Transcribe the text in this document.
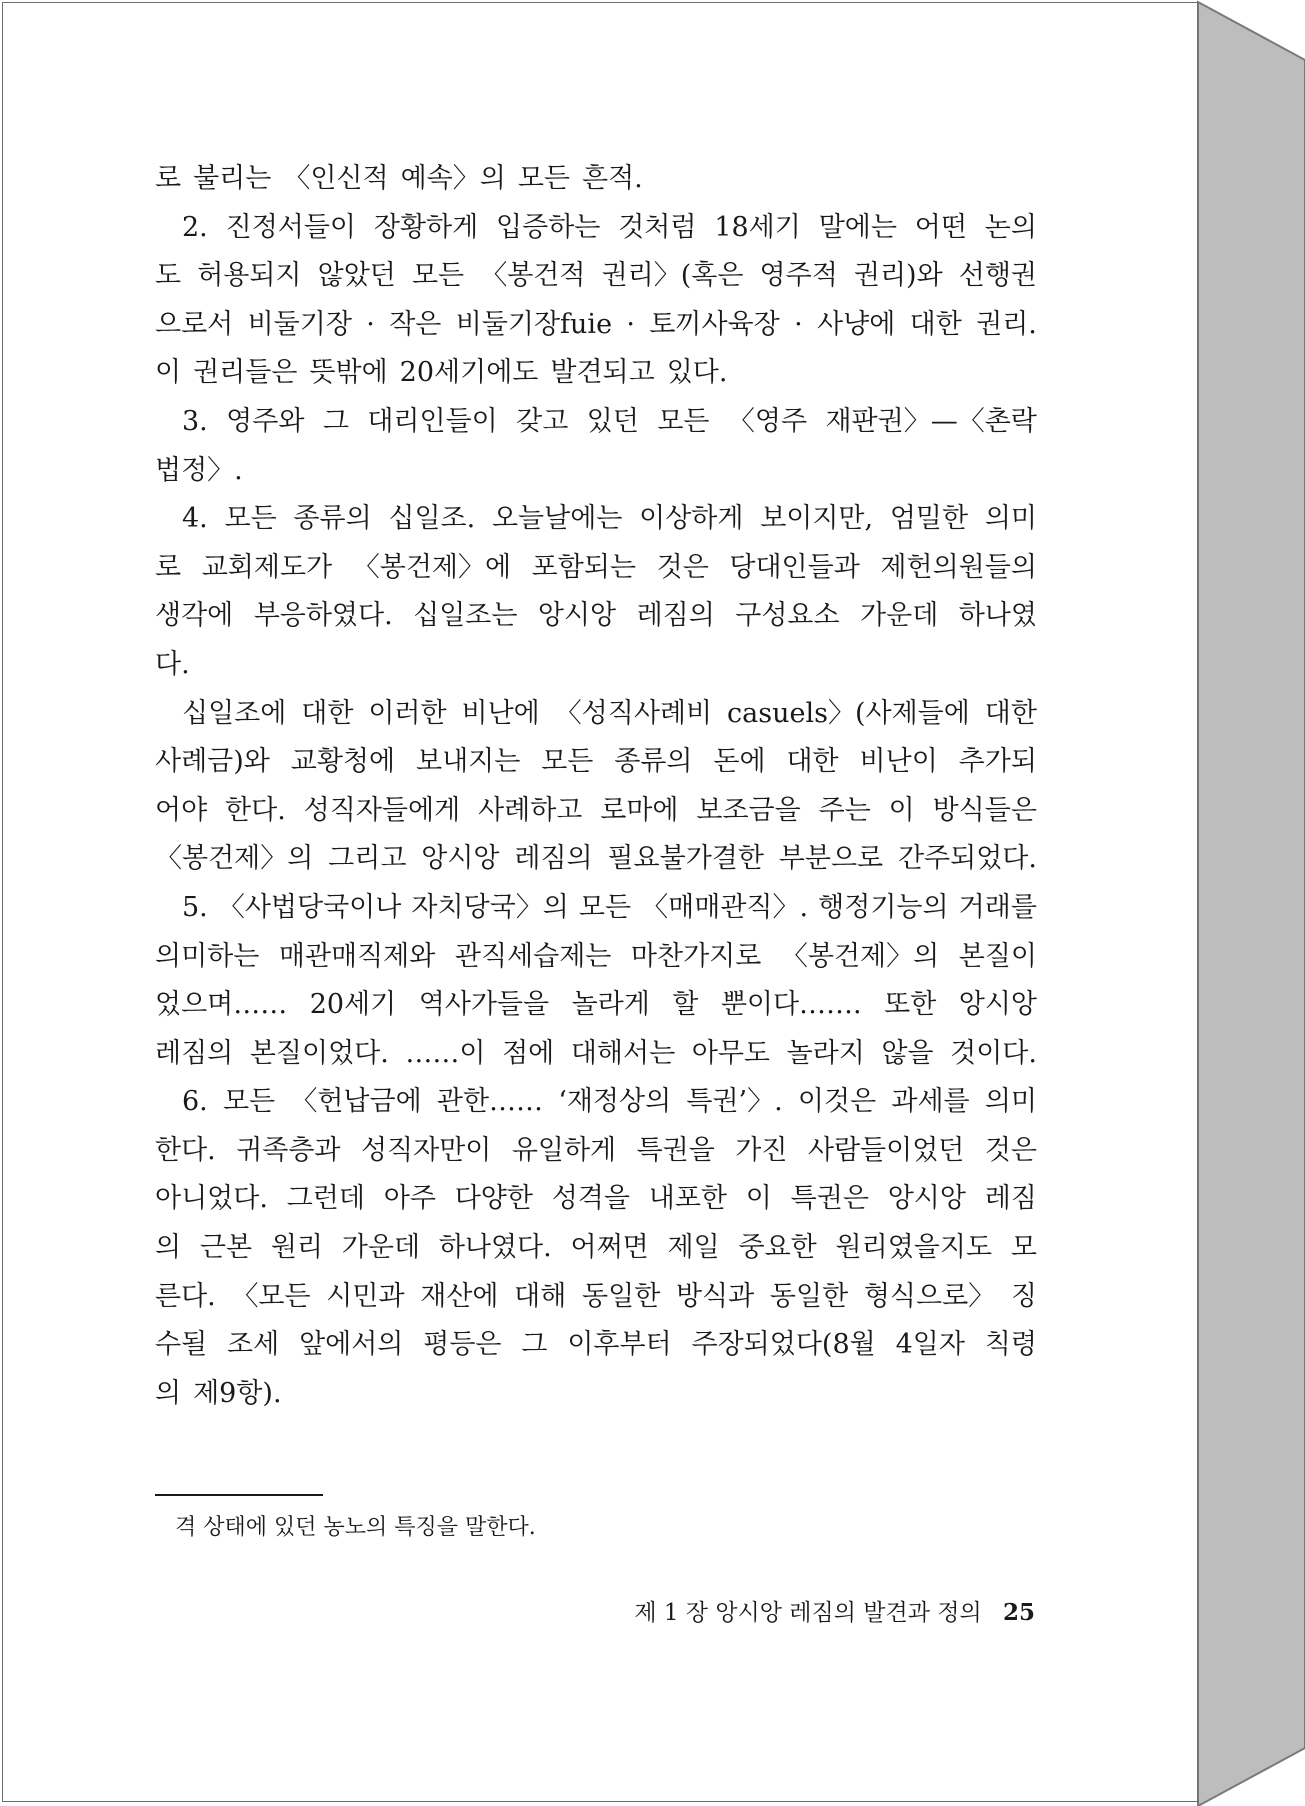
로 불리는 〈인신적 예속〉의 모든 흔적.
2. 진정서들이 장황하게 입증하는 것처럼 18세기 말에는 어떤 논의
도 허용되지 않았던 모든 〈봉건적 권리〉(혹은 영주적 권리)와 선행권
으로서 비둘기장 · 작은 비둘기장fuie · 토끼사육장 · 사냥에 대한 권리.
이 권리들은 뜻밖에 20세기에도 발견되고 있다.
3. 영주와 그 대리인들이 갖고 있던 모든 〈영주 재판권〉—〈촌락
법정〉.
4. 모든 종류의 십일조. 오늘날에는 이상하게 보이지만, 엄밀한 의미
로 교회제도가 〈봉건제〉에 포함되는 것은 당대인들과 제헌의원들의
생각에 부응하였다. 십일조는 앙시앙 레짐의 구성요소 가운데 하나였
다.
십일조에 대한 이러한 비난에 〈성직사례비 casuels〉(사제들에 대한
사례금)와 교황청에 보내지는 모든 종류의 돈에 대한 비난이 추가되
어야 한다. 성직자들에게 사례하고 로마에 보조금을 주는 이 방식들은
〈봉건제〉의 그리고 앙시앙 레짐의 필요불가결한 부분으로 간주되었다.
5. 〈사법당국이나 자치당국〉의 모든 〈매매관직〉. 행정기능의 거래를
의미하는 매관매직제와 관직세습제는 마찬가지로 〈봉건제〉의 본질이
었으며…… 20세기 역사가들을 놀라게 할 뿐이다……. 또한 앙시앙
레짐의 본질이었다. ……이 점에 대해서는 아무도 놀라지 않을 것이다.
6. 모든 〈헌납금에 관한…… ‘재정상의 특권’〉. 이것은 과세를 의미
한다. 귀족층과 성직자만이 유일하게 특권을 가진 사람들이었던 것은
아니었다. 그런데 아주 다양한 성격을 내포한 이 특권은 앙시앙 레짐
의 근본 원리 가운데 하나였다. 어쩌면 제일 중요한 원리였을지도 모
른다. 〈모든 시민과 재산에 대해 동일한 방식과 동일한 형식으로〉 징
수될 조세 앞에서의 평등은 그 이후부터 주장되었다(8월 4일자 칙령
의 제9항).
격 상태에 있던 농노의 특징을 말한다.
제 1 장 앙시앙 레짐의 발견과 정의 25
